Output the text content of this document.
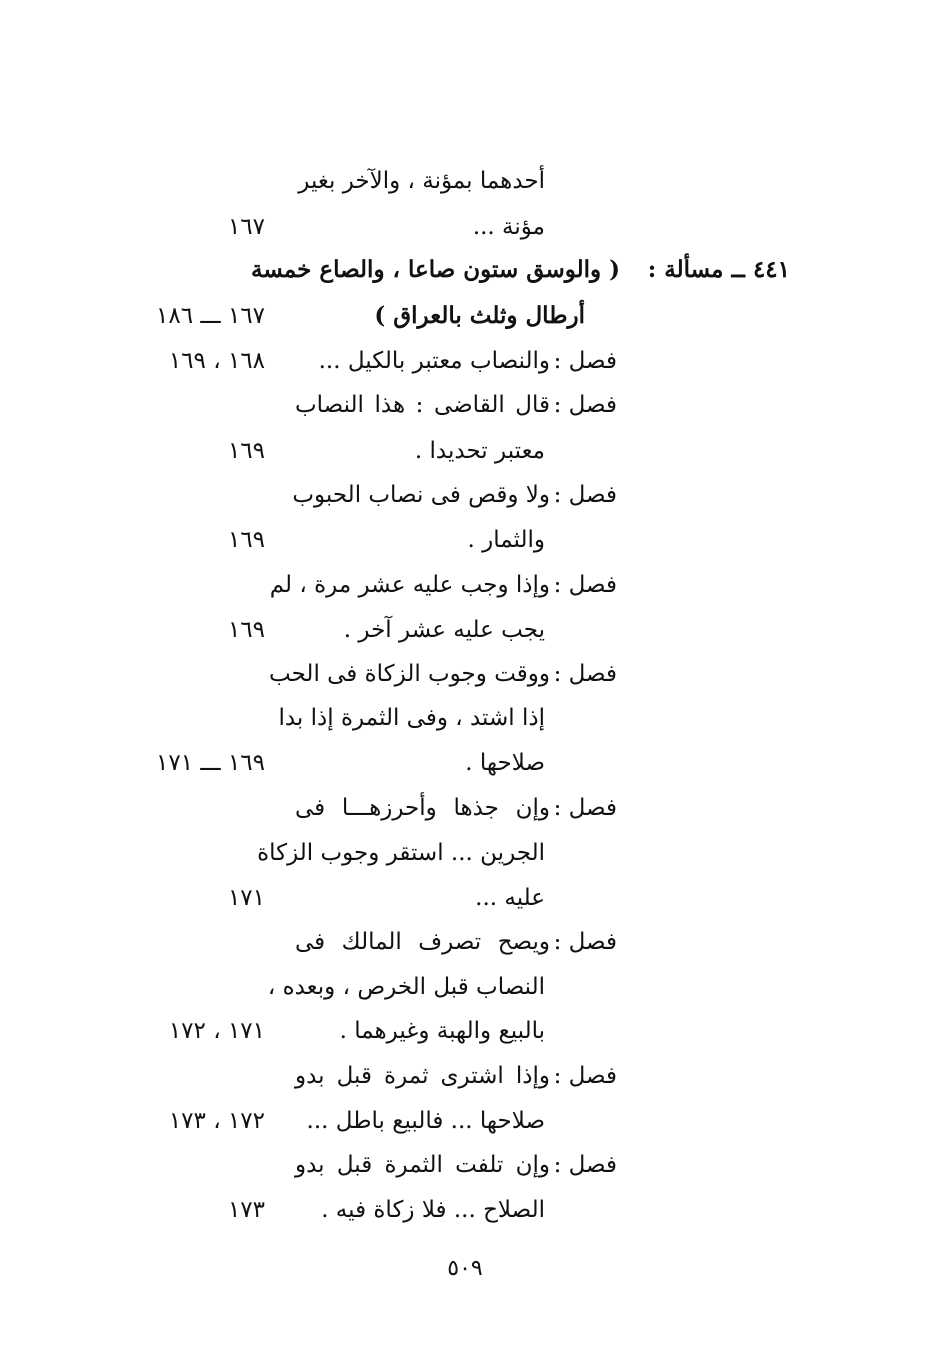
أحدهما بمؤنة ، والآخر بغير
مؤنة ...
١٦٧
٤٤١ ــ مسألة :
( والوسق ستون صاعا ، والصاع خمسة
أرطال وثلث بالعراق )
١٦٧ ـــ ١٨٦
فصل :
والنصاب معتبر بالكيل ...
١٦٨ ، ١٦٩
فصل :
قال القاضى : هذا النصاب
معتبر تحديدا .
١٦٩
فصل :
ولا وقص فى نصاب الحبوب
والثمار .
١٦٩
فصل :
وإذا وجب عليه عشر مرة ، لم
يجب عليه عشر آخر .
١٦٩
فصل :
ووقت وجوب الزكاة فى الحب
إذا اشتد ، وفى الثمرة إذا بدا
صلاحها .
١٦٩ ـــ ١٧١
فصل :
وإن جذها وأحرزهـــا فى
الجرين ... استقر وجوب الزكاة
عليه ...
١٧١
فصل :
ويصح تصرف المالك فى
النصاب قبل الخرص ، وبعده ،
بالبيع والهبة وغيرهما .
١٧١ ، ١٧٢
فصل :
وإذا اشترى ثمرة قبل بدو
صلاحها ... فالبيع باطل ...
١٧٢ ، ١٧٣
فصل :
وإن تلفت الثمرة قبل بدو
الصلاح ... فلا زكاة فيه .
١٧٣
٥٠٩
